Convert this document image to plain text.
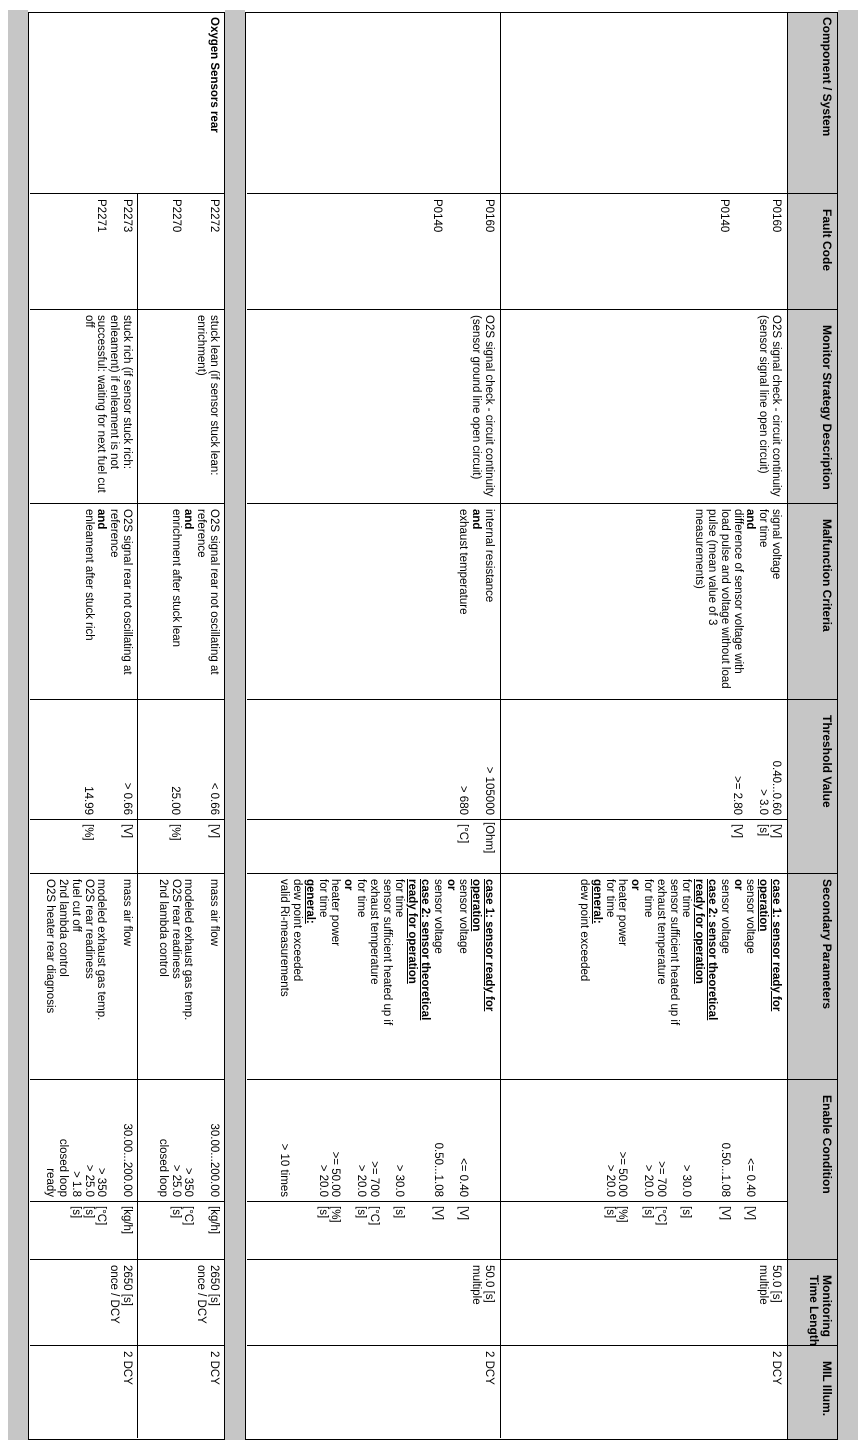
Component / System
Fault Code
Monitor Strategy Description
Malfunction Criteria
Threshold Value
Secondary Parameters
Enable Condition
Monitoring
Time Length
MIL Illum.
P0160
O2S signal check - circuit continuity (sensor signal line open circuit)
signal voltage
for time
and
difference of sensor voltage with load pulse and voltage without load pulse (mean value of 3 measurements)
0.40...0.60
[V]
> 3.0
[s]
>= 2.80
[V]
case 1: sensor ready for
operation
sensor voltage
or
sensor voltage
case 2: sensor theoretical
ready for operation
for time
sensor sufficient heated up if
exhaust temperature
for time
or
heater power
for time
general:
dew point exceeded

<= 0.40

0.50...1.08

> 30.0

>= 700
> 20.0

>= 50.00
> 20.0

[V]

[V]

[s]

[°C]
[s]

[%]
[s]
50.0 [s]
multiple
2 DCY
P0140
P0160
O2S signal check - circuit continuity (sensor ground line open circuit)
internal resistance
and
exhaust temperature
> 105000
[Ohm]
> 680
[°C]
case 1: sensor ready for
operation
sensor voltage
or
sensor voltage
case 2: sensor theoretical
ready for operation
for time
sensor sufficient heated up if
exhaust temperature
for time
or
heater power
for time
general:
dew point exceeded
valid Ri-measurements

<= 0.40

0.50...1.08

> 30.0

>= 700
> 20.0

>= 50.00
> 20.0

> 10 times

[V]

[V]

[s]

[°C]
[s]

[%]
[s]
50.0 [s]
multiple
2 DCY
P0140
Oxygen Sensors rear
P2272
P2270
stuck lean (if sensor stuck lean: enrichment)
O2S signal rear not oscillating at
reference
and
enrichment after stuck lean
< 0.66
[V]
25.00
[%]
mass air flow

modeled exhaust gas temp.
O2S rear readiness
2nd lambda control
30.00...200.00

> 350
> 25.0
closed loop
[kg/h]

[°C]
[s]
2650 [s]
once / DCY
2 DCY
P2273
P2271
stuck rich (if sensor stuck rich: enleament) if enleament is not successful: waiting for next fuel cut off
O2S signal rear not oscillating at
reference
and
enleament after stuck rich
> 0.66
[V]
14.99
[%]
mass air flow

modeled exhaust gas temp.
O2S rear readiness
fuel cut off
2nd lambda control
O2S heater rear diagnosis
30.00...200.00

> 350
> 25.0
> 1.8
closed loop
ready
[kg/h]

[°C]
[s]
[s]
2650 [s]
once / DCY
2 DCY
